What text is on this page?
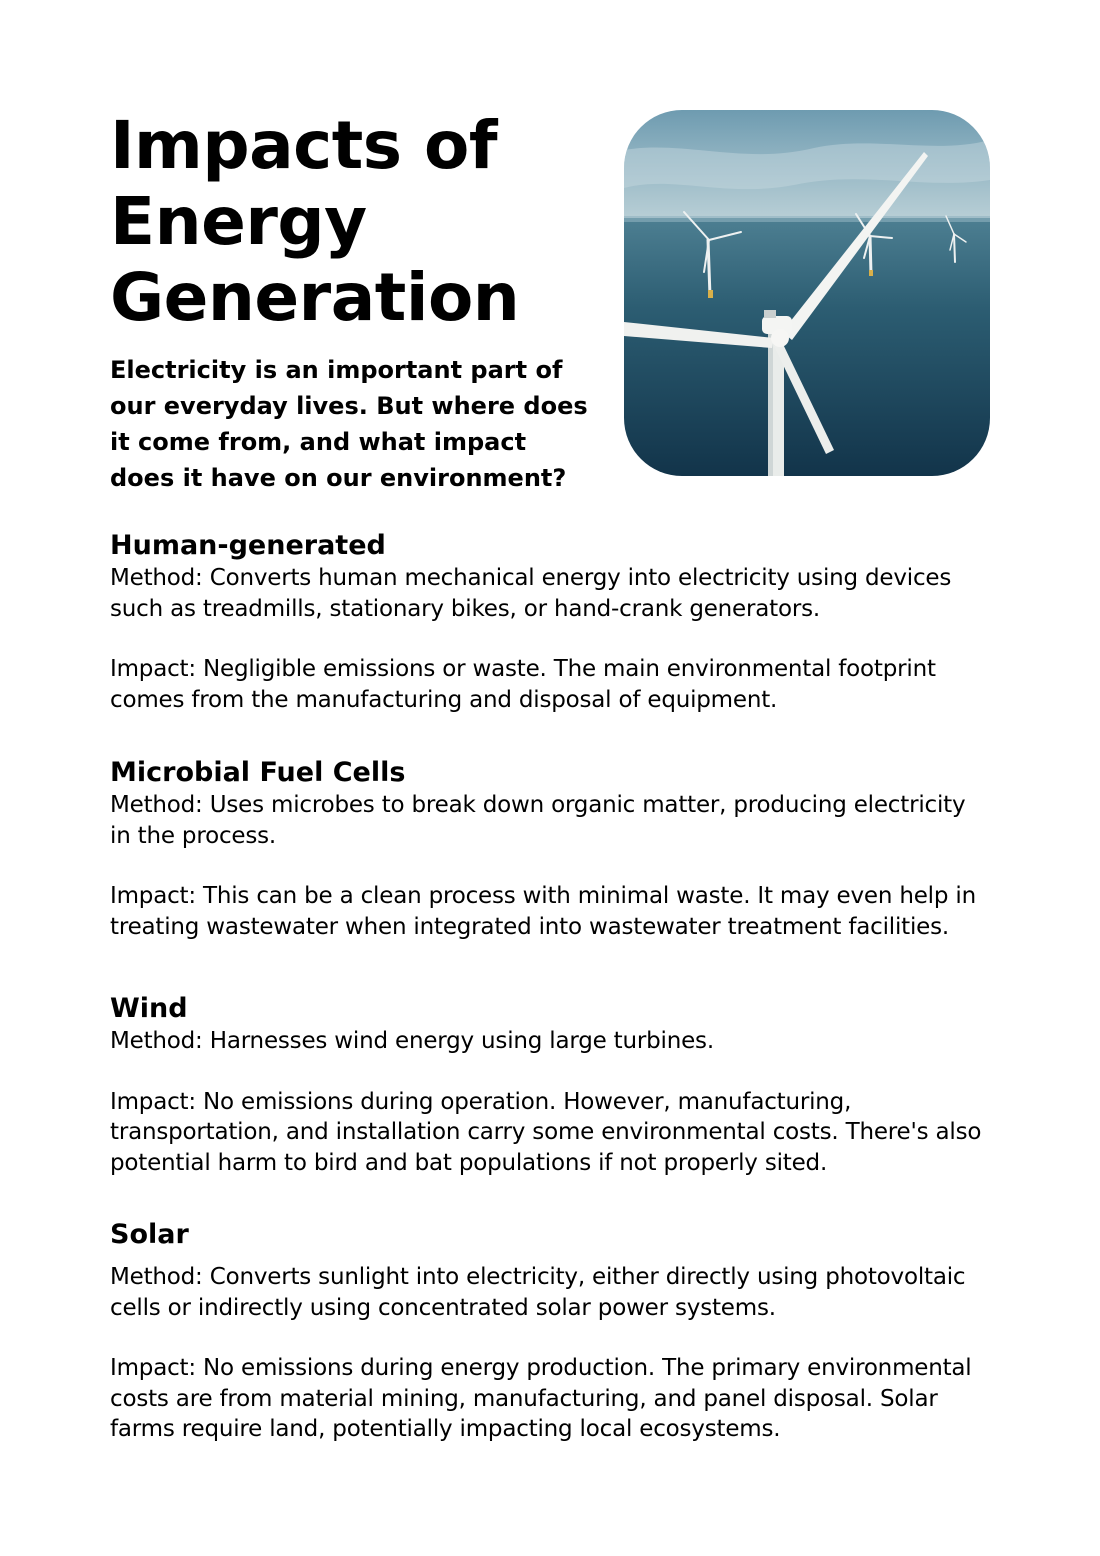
Impacts of Energy Generation

Electricity is an important part of our everyday lives. But where does it come from, and what impact does it have on our environment?

Human-generated

Method: Converts human mechanical energy into electricity using devices such as treadmills, stationary bikes, or hand-crank generators.

Impact: Negligible emissions or waste. The main environmental footprint comes from the manufacturing and disposal of equipment.

Microbial Fuel Cells

Method: Uses microbes to break down organic matter, producing electricity in the process.

Impact: This can be a clean process with minimal waste. It may even help in treating wastewater when integrated into wastewater treatment facilities.

Wind

Method: Harnesses wind energy using large turbines.

Impact: No emissions during operation. However, manufacturing, transportation, and installation carry some environmental costs. There's also potential harm to bird and bat populations if not properly sited.

Solar

Method: Converts sunlight into electricity, either directly using photovoltaic cells or indirectly using concentrated solar power systems.

Impact: No emissions during energy production. The primary environmental costs are from material mining, manufacturing, and panel disposal. Solar farms require land, potentially impacting local ecosystems.
